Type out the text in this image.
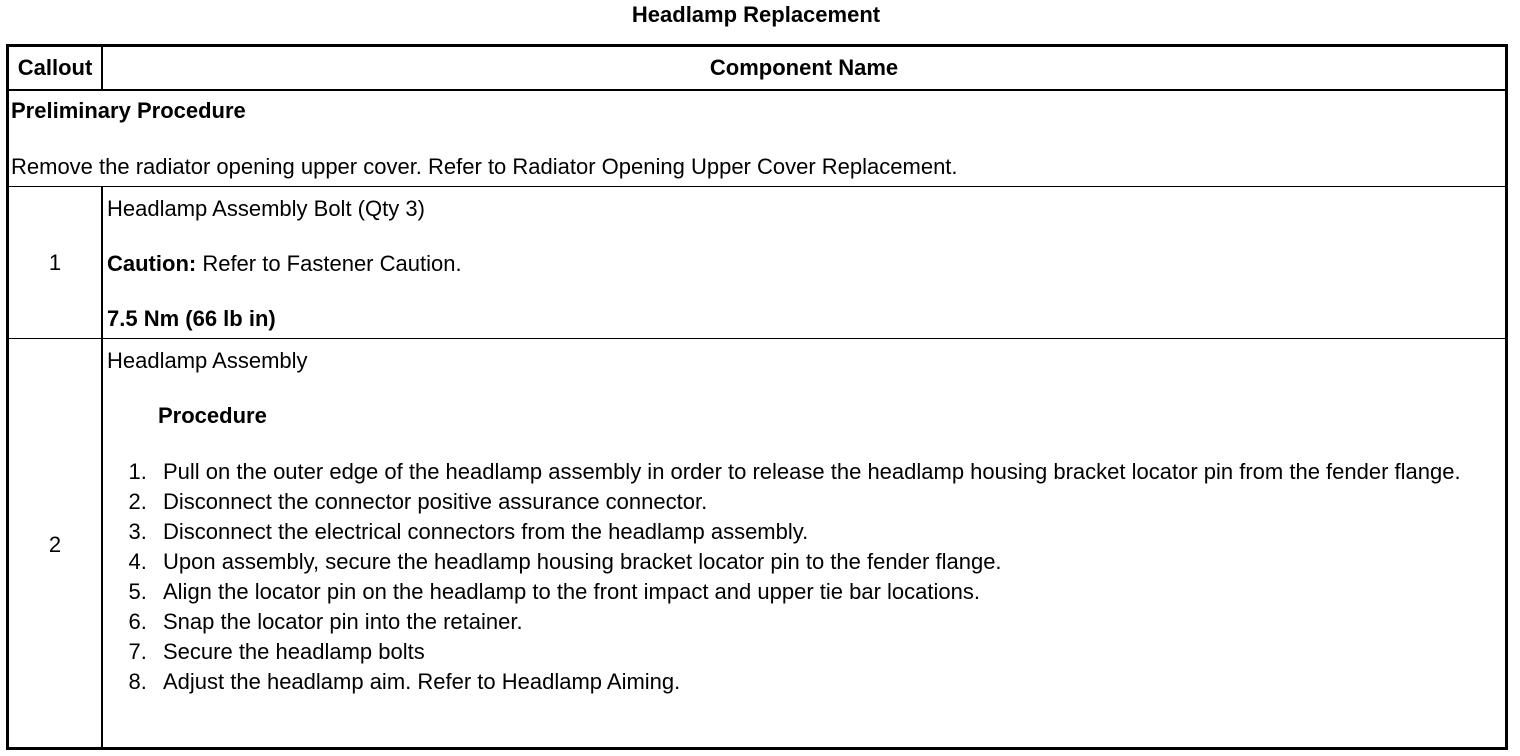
Headlamp Replacement
Callout	Component Name
Preliminary Procedure
Remove the radiator opening upper cover. Refer to Radiator Opening Upper Cover Replacement.
1
Headlamp Assembly Bolt (Qty 3)
Caution: Refer to Fastener Caution.
7.5 Nm (66 lb in)
2
Headlamp Assembly
Procedure
1. Pull on the outer edge of the headlamp assembly in order to release the headlamp housing bracket locator pin from the fender flange.
2. Disconnect the connector positive assurance connector.
3. Disconnect the electrical connectors from the headlamp assembly.
4. Upon assembly, secure the headlamp housing bracket locator pin to the fender flange.
5. Align the locator pin on the headlamp to the front impact and upper tie bar locations.
6. Snap the locator pin into the retainer.
7. Secure the headlamp bolts
8. Adjust the headlamp aim. Refer to Headlamp Aiming.
